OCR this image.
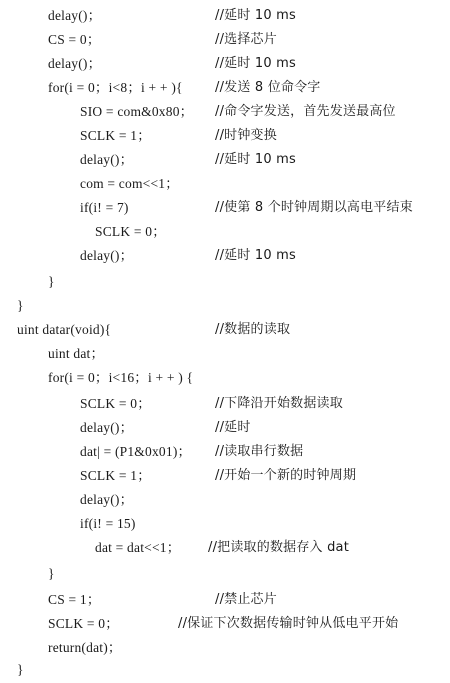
delay()；	//延时 10 ms
CS = 0；	//选择芯片
delay()；	//延时 10 ms
for(i = 0；i<8；i + + ){ //发送 8 位命令字
SIO = com&0x80； //命令字发送，首先发送最高位
SCLK = 1；	//时钟变换
delay()；	//延时 10 ms
com = com<<1；
if(i! = 7)	//使第 8 个时钟周期以高电平结束
SCLK = 0；
delay()；	//延时 10 ms
}
}
uint datar(void){	//数据的读取
uint dat；
for(i = 0；i<16；i + + ) {
SCLK = 0；	//下降沿开始数据读取
delay()；	//延时
dat| = (P1&0x01)； //读取串行数据
SCLK = 1；	//开始一个新的时钟周期
delay()；
if(i! = 15)
dat = dat<<1； //把读取的数据存入 dat
}
CS = 1；	//禁止芯片
SCLK = 0；	//保证下次数据传输时钟从低电平开始
return(dat)；
}
